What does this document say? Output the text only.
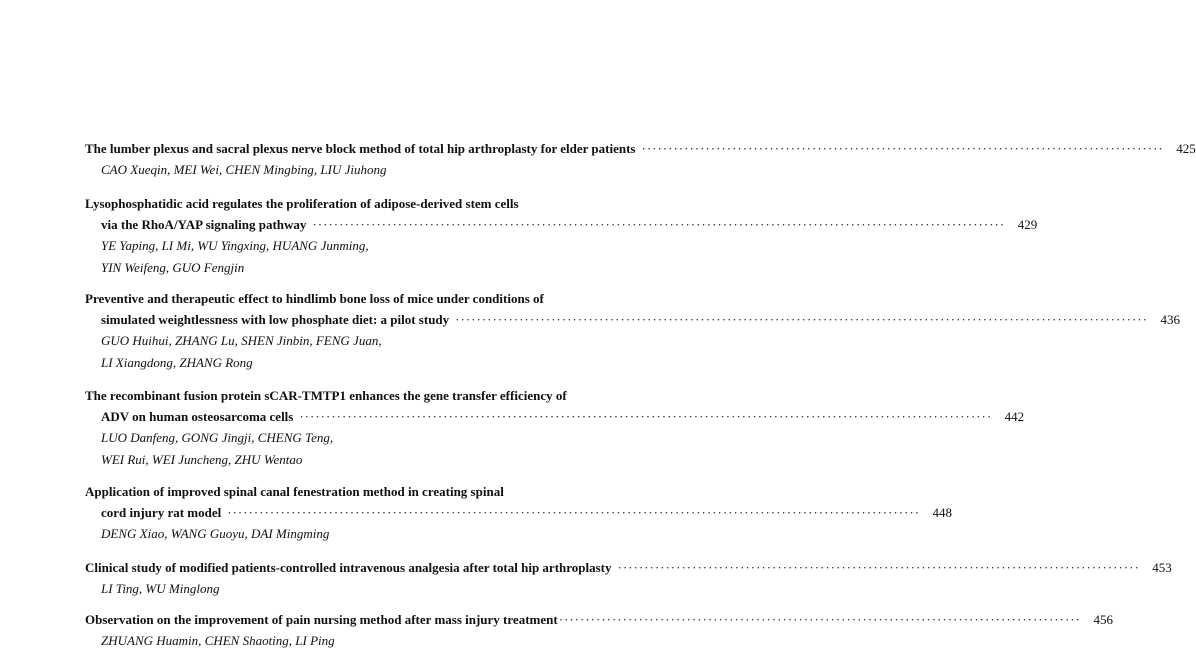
The lumber plexus and sacral plexus nerve block method of total hip arthroplasty for elder patients ·································································································· 425
CAO Xueqin, MEI Wei, CHEN Mingbing, LIU Jiuhong
Lysophosphatidic acid regulates the proliferation of adipose-derived stem cells
via the RhoA/YAP signaling pathway ·································································································································· 429
YE Yaping, LI Mi, WU Yingxing, HUANG Junming,
YIN Weifeng, GUO Fengjin
Preventive and therapeutic effect to hindlimb bone loss of mice under conditions of
simulated weightlessness with low phosphate diet: a pilot study ·································································································································· 436
GUO Huihui, ZHANG Lu, SHEN Jinbin, FENG Juan,
LI Xiangdong, ZHANG Rong
The recombinant fusion protein sCAR-TMTP1 enhances the gene transfer efficiency of
ADV on human osteosarcoma cells ·································································································································· 442
LUO Danfeng, GONG Jingji, CHENG Teng,
WEI Rui, WEI Juncheng, ZHU Wentao
Application of improved spinal canal fenestration method in creating spinal
cord injury rat model ·································································································································· 448
DENG Xiao, WANG Guoyu, DAI Mingming
Clinical study of modified patients-controlled intravenous analgesia after total hip arthroplasty ·································································································· 453
LI Ting, WU Minglong
Observation on the improvement of pain nursing method after mass injury treatment ·································································································· 456
ZHUANG Huamin, CHEN Shaoting, LI Ping
